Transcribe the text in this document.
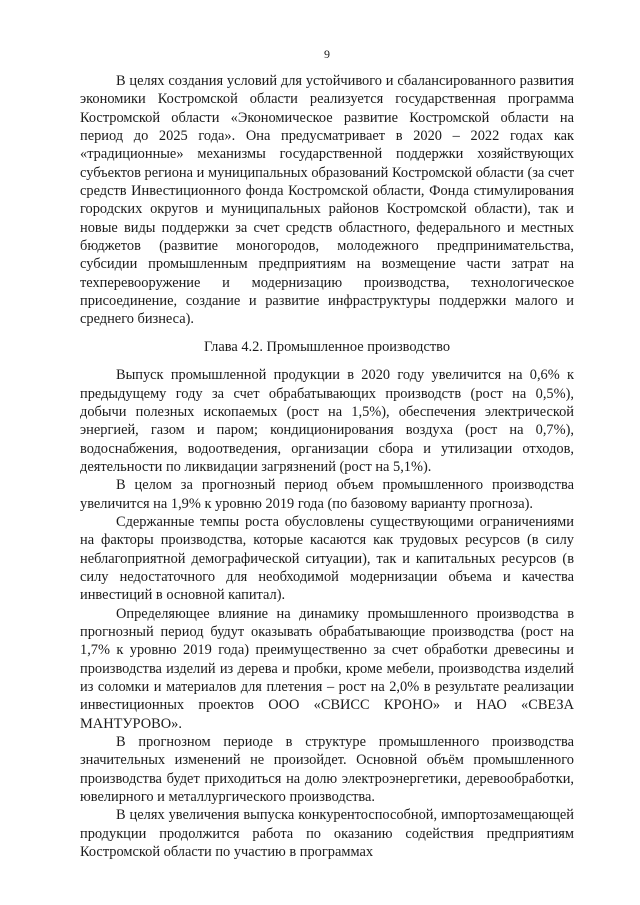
9

В целях создания условий для устойчивого и сбалансированного развития экономики Костромской области реализуется государственная программа Костромской области «Экономическое развитие Костромской области на период до 2025 года». Она предусматривает в 2020 – 2022 годах как «традиционные» механизмы государственной поддержки хозяйствующих субъектов региона и муниципальных образований Костромской области (за счет средств Инвестиционного фонда Костромской области, Фонда стимулирования городских округов и муниципальных районов Костромской области), так и новые виды поддержки за счет средств областного, федерального и местных бюджетов (развитие моногородов, молодежного предпринимательства, субсидии промышленным предприятиям на возмещение части затрат на техперевооружение и модернизацию производства, технологическое присоединение, создание и развитие инфраструктуры поддержки малого и среднего бизнеса).

Глава 4.2. Промышленное производство

Выпуск промышленной продукции в 2020 году увеличится на 0,6% к предыдущему году за счет обрабатывающих производств (рост на 0,5%), добычи полезных ископаемых (рост на 1,5%), обеспечения электрической энергией, газом и паром; кондиционирования воздуха (рост на 0,7%), водоснабжения, водоотведения, организации сбора и утилизации отходов, деятельности по ликвидации загрязнений (рост на 5,1%).

В целом за прогнозный период объем промышленного производства увеличится на 1,9% к уровню 2019 года (по базовому варианту прогноза).

Сдержанные темпы роста обусловлены существующими ограничениями на факторы производства, которые касаются как трудовых ресурсов (в силу неблагоприятной демографической ситуации), так и капитальных ресурсов (в силу недостаточного для необходимой модернизации объема и качества инвестиций в основной капитал).

Определяющее влияние на динамику промышленного производства в прогнозный период будут оказывать обрабатывающие производства (рост на 1,7% к уровню 2019 года) преимущественно за счет обработки древесины и производства изделий из дерева и пробки, кроме мебели, производства изделий из соломки и материалов для плетения – рост на 2,0% в результате реализации инвестиционных проектов ООО «СВИСС КРОНО» и НАО «СВЕЗА МАНТУРОВО».

В прогнозном периоде в структуре промышленного производства значительных изменений не произойдет. Основной объём промышленного производства будет приходиться на долю электроэнергетики, деревообработки, ювелирного и металлургического производства.

В целях увеличения выпуска конкурентоспособной, импортозамещающей продукции продолжится работа по оказанию содействия предприятиям Костромской области по участию в программах
